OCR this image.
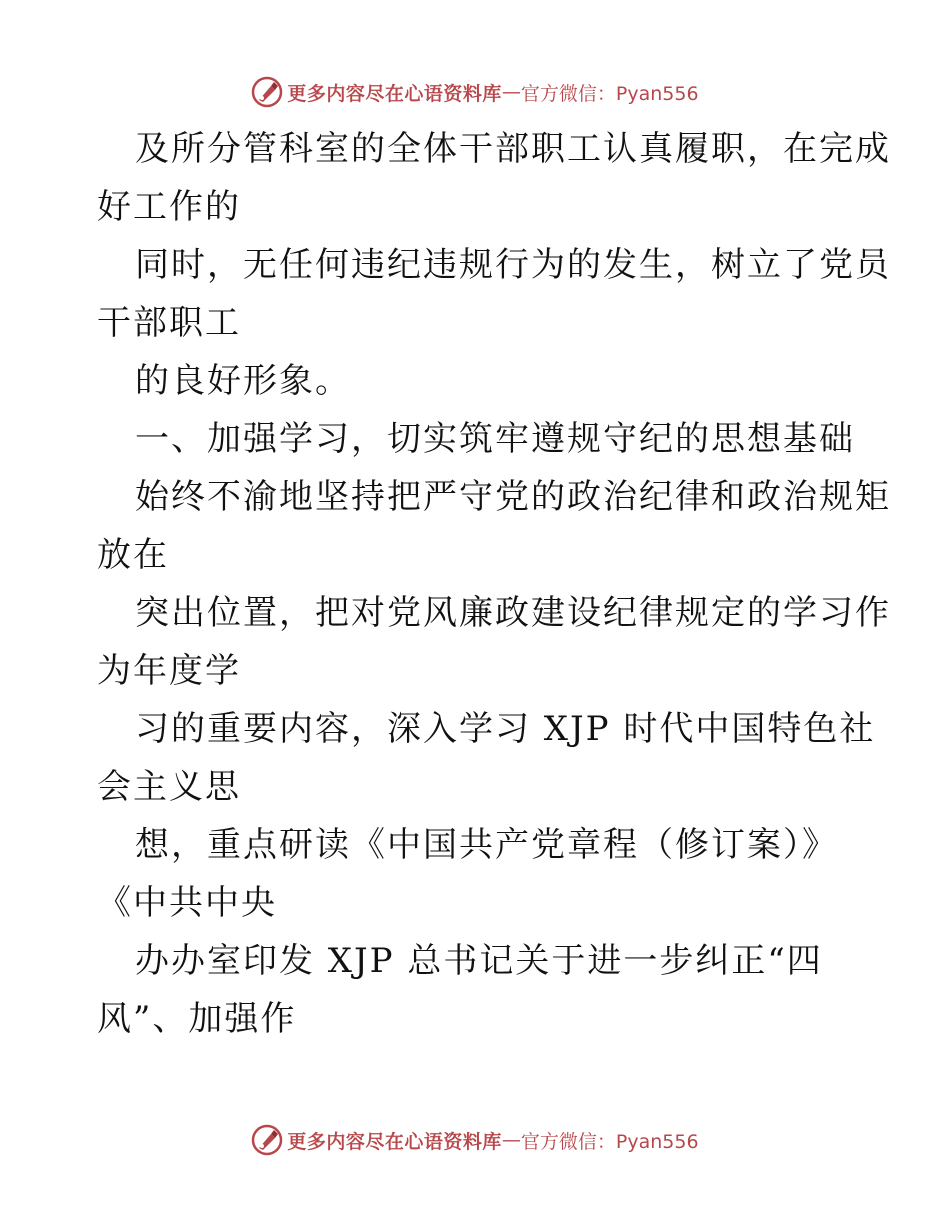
更多内容尽在心语资料库 — 官方微信：Pyan556
及所分管科室的全体干部职工认真履职，在完成
好工作的
同时，无任何违纪违规行为的发生，树立了党员
干部职工
的良好形象。
一、加强学习，切实筑牢遵规守纪的思想基础
始终不渝地坚持把严守党的政治纪律和政治规矩
放在
突出位置，把对党风廉政建设纪律规定的学习作
为年度学
习的重要内容，深入学习 XJP 时代中国特色社
会主义思
想，重点研读《中国共产党章程（修订案）》
《中共中央
办办室印发 XJP 总书记关于进一步纠正“四
风”、加强作
更多内容尽在心语资料库 — 官方微信：Pyan556
